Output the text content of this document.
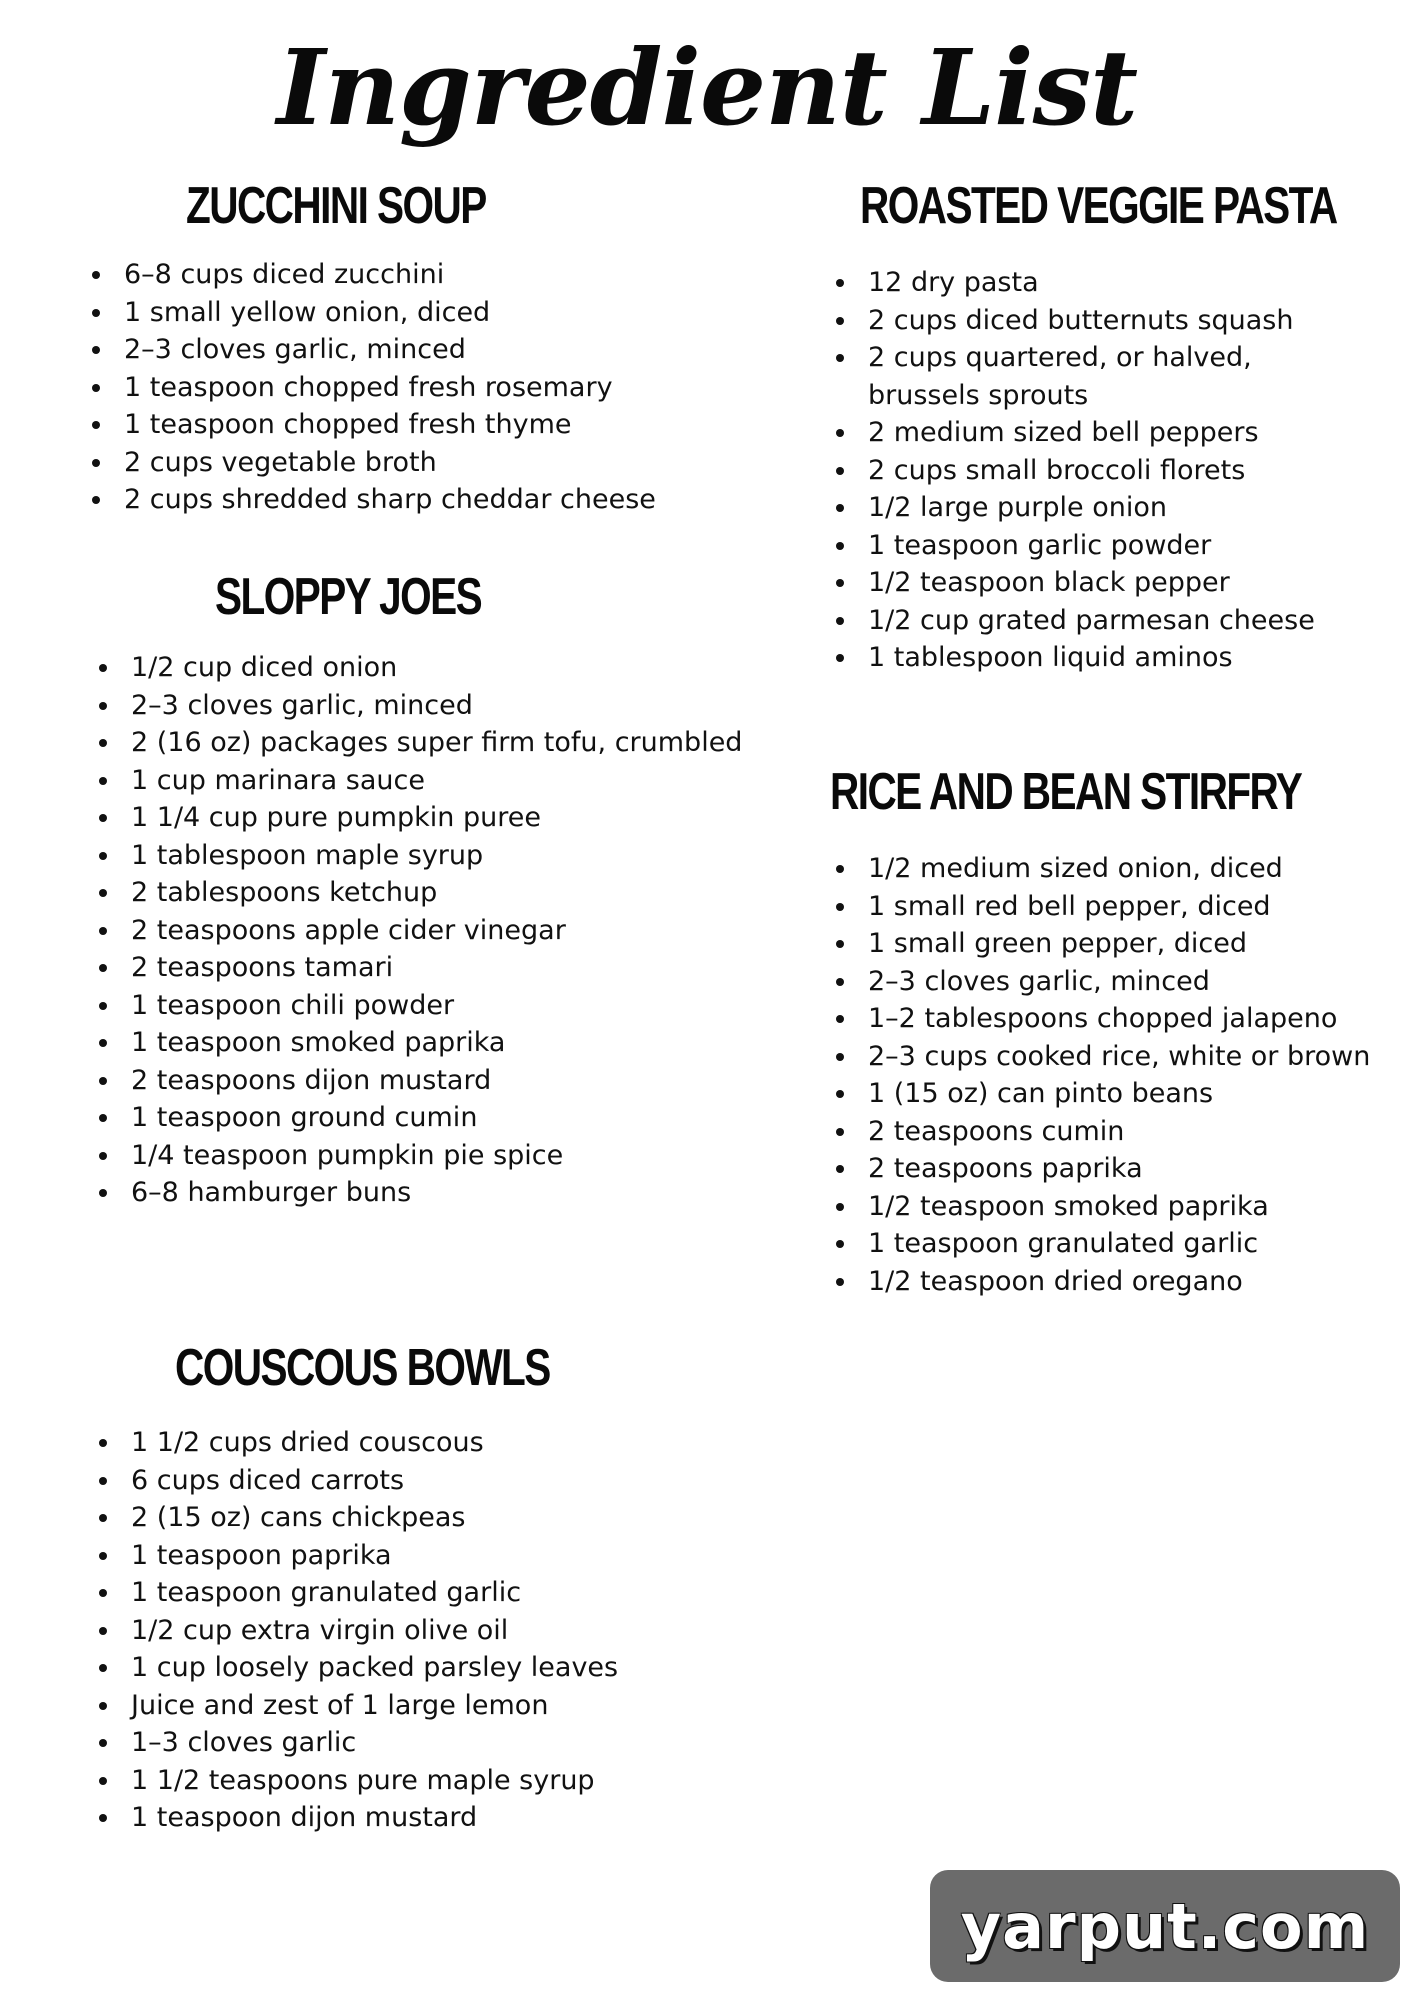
Ingredient List
ZUCCHINI SOUP
6–8 cups diced zucchini
1 small yellow onion, diced
2–3 cloves garlic, minced
1 teaspoon chopped fresh rosemary
1 teaspoon chopped fresh thyme
2 cups vegetable broth
2 cups shredded sharp cheddar cheese
SLOPPY JOES
1/2 cup diced onion
2–3 cloves garlic, minced
2 (16 oz) packages super firm tofu, crumbled
1 cup marinara sauce
1 1/4 cup pure pumpkin puree
1 tablespoon maple syrup
2 tablespoons ketchup
2 teaspoons apple cider vinegar
2 teaspoons tamari
1 teaspoon chili powder
1 teaspoon smoked paprika
2 teaspoons dijon mustard
1 teaspoon ground cumin
1/4 teaspoon pumpkin pie spice
6–8 hamburger buns
COUSCOUS BOWLS
1 1/2 cups dried couscous
6 cups diced carrots
2 (15 oz) cans chickpeas
1 teaspoon paprika
1 teaspoon granulated garlic
1/2 cup extra virgin olive oil
1 cup loosely packed parsley leaves
Juice and zest of 1 large lemon
1–3 cloves garlic
1 1/2 teaspoons pure maple syrup
1 teaspoon dijon mustard
ROASTED VEGGIE PASTA
12 dry pasta
2 cups diced butternuts squash
2 cups quartered, or halved, brussels sprouts
2 medium sized bell peppers
2 cups small broccoli florets
1/2 large purple onion
1 teaspoon garlic powder
1/2 teaspoon black pepper
1/2 cup grated parmesan cheese
1 tablespoon liquid aminos
RICE AND BEAN STIRFRY
1/2 medium sized onion, diced
1 small red bell pepper, diced
1 small green pepper, diced
2–3 cloves garlic, minced
1–2 tablespoons chopped jalapeno
2–3 cups cooked rice, white or brown
1 (15 oz) can pinto beans
2 teaspoons cumin
2 teaspoons paprika
1/2 teaspoon smoked paprika
1 teaspoon granulated garlic
1/2 teaspoon dried oregano
yarput.com
